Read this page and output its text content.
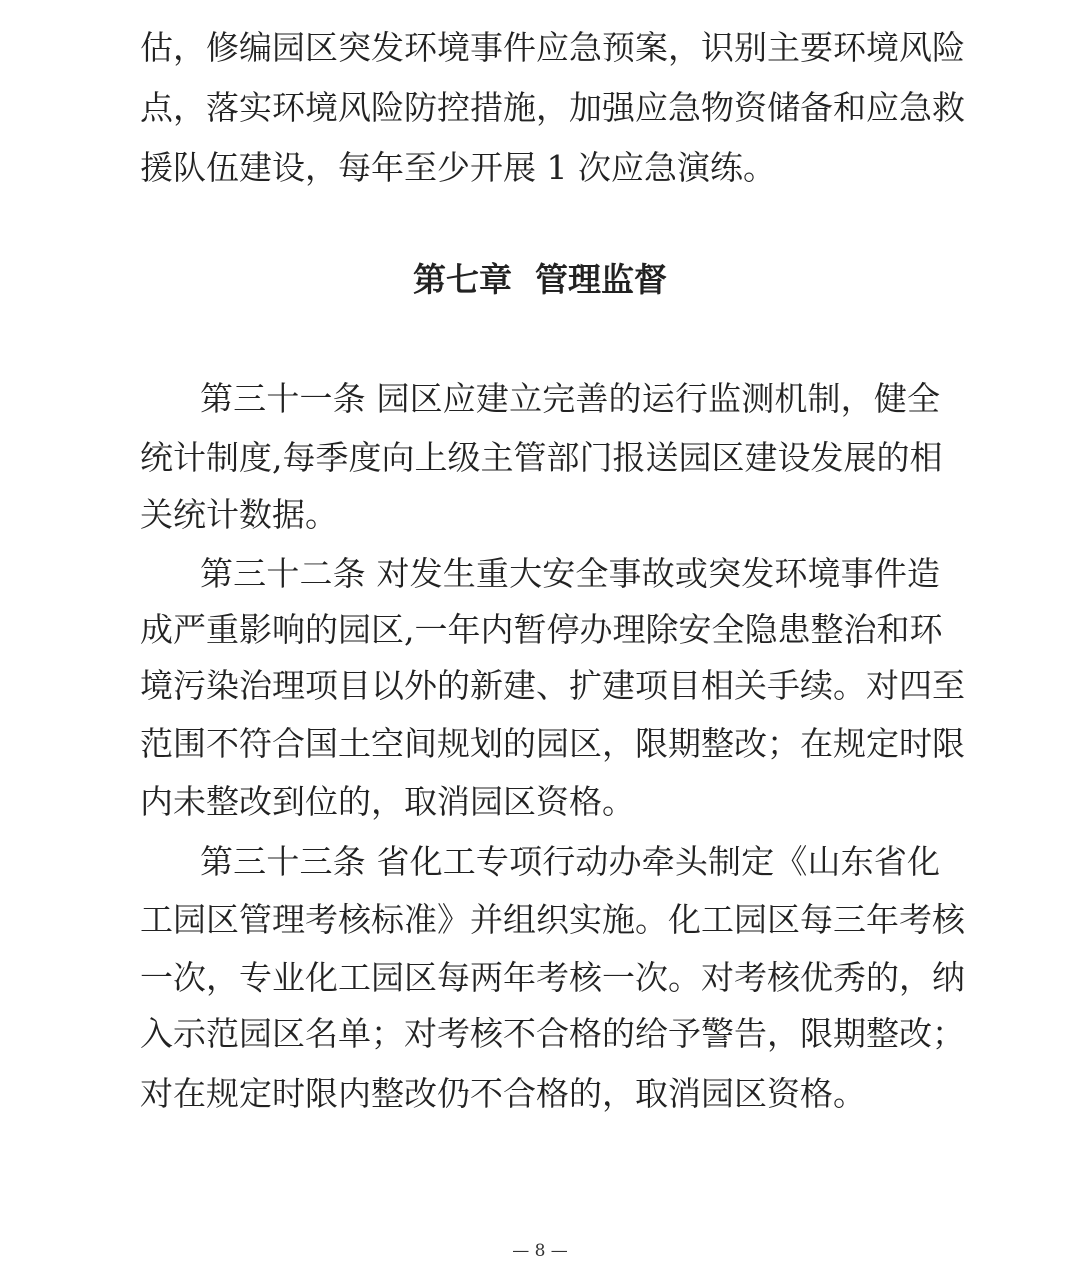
估，修编园区突发环境事件应急预案，识别主要环境风险
点，落实环境风险防控措施，加强应急物资储备和应急救
援队伍建设，每年至少开展 1 次应急演练。
第七章  管理监督
第三十一条 园区应建立完善的运行监测机制，健全
统计制度,每季度向上级主管部门报送园区建设发展的相
关统计数据。
第三十二条 对发生重大安全事故或突发环境事件造
成严重影响的园区,一年内暂停办理除安全隐患整治和环
境污染治理项目以外的新建、扩建项目相关手续。对四至
范围不符合国土空间规划的园区，限期整改；在规定时限
内未整改到位的，取消园区资格。
第三十三条 省化工专项行动办牵头制定《山东省化
工园区管理考核标准》并组织实施。化工园区每三年考核
一次，专业化工园区每两年考核一次。对考核优秀的，纳
入示范园区名单；对考核不合格的给予警告，限期整改；
对在规定时限内整改仍不合格的，取消园区资格。
— 8 —
